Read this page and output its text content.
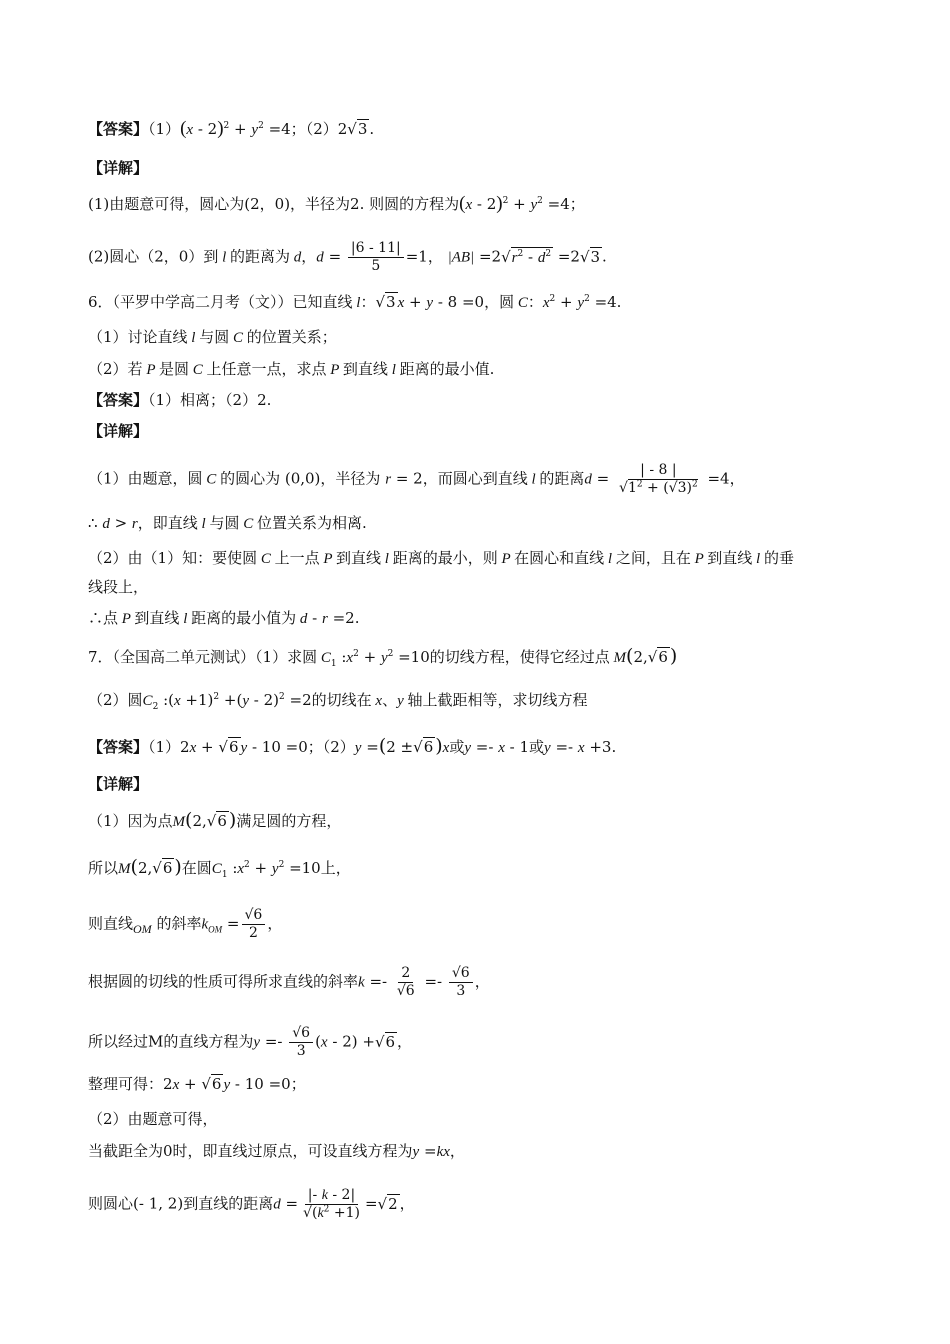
【答案】$(1)(x - 2)^2 + y^2 =4$；（2）2√3 .
【详解】
(1)由题意可得，圆心为(2，0)，半径为2. 则圆的方程为$(x - 2)^2 + y^2 =4$；
(2)圆心（2，0）到 l 的距离为 d，$d = \frac{|6 - 11|}{5} =1$， $|AB| =2√r^2 - d^2 =2√3$ .
6．（平罗中学高二月考（文））已知直线 l：√3 x + y - 8 =0，圆 C：$x^2 + y^2 =4$.
（1）讨论直线 l 与圆 C 的位置关系；
（2）若 P 是圆 C 上任意一点，求点 P 到直线 l 距离的最小值.
【答案】（1）相离；（2）2.
【详解】
（1）由题意，圆 C 的圆心为 (0,0)，半径为 r = 2，而圆心到直线 l 的距离$d = \frac{| - 8 |}{√1^2 + (√3)^2} =4$，
∴ d > r，即直线 l 与圆 C 位置关系为相离.
（2）由（1）知：要使圆 C 上一点 P 到直线 l 距离的最小，则 P 在圆心和直线 l 之间，且在 P 到直线 l 的垂
线段上，
∴点 P 到直线 l 距离的最小值为 d - r =2.
7．（全国高二单元测试）（1）求圆 $C_1$ $:x^2 + y^2 =10$的切线方程，使得它经过点 M(2,√6 )
（2）圆$C_2$ :(x +1)$^2$ +(y - 2)$^2$ =2的切线在 x、y 轴上截距相等，求切线方程
【答案】（1）2x + √6 y - 10 =0；（2）y =(2 ±√6 )x或y =- x - 1或y =- x +3.
【详解】
（1）因为点M(2,√6 )满足圆的方程，
所以M(2,√6 )在圆$C_1$ $:x^2 + y^2 =10$上，
则直线$_{OM}$ 的斜率$k_{OM} = \frac{√6}{2}$ ，
根据圆的切线的性质可得所求直线的斜率$k =- \frac{2}{√6} =- \frac{√6}{3}$ ，
所以经过M的直线方程为$y =- \frac{√6}{3} (x - 2) +√6$ ，
整理可得：2x + √6 y - 10 =0；
（2）由题意可得，
当截距全为0时，即直线过原点，可设直线方程为y =kx，
则圆心(- 1, 2)到直线的距离$d = \frac{|- k - 2|}{√(k^2 +1)} =√2$ ，
